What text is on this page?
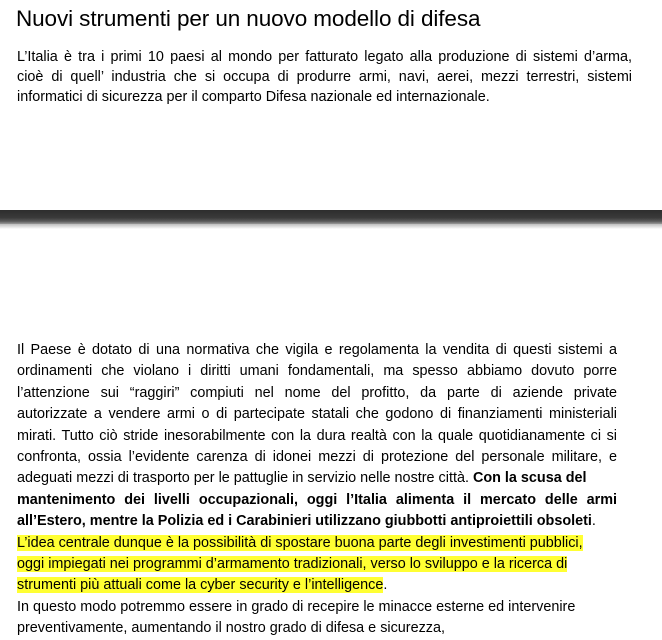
Nuovi strumenti per un nuovo modello di difesa

L’Italia è tra i primi 10 paesi al mondo per fatturato legato alla produzione di sistemi d’arma,
cioè di quell’ industria che si occupa di produrre armi, navi, aerei, mezzi terrestri, sistemi
informatici di sicurezza per il comparto Difesa nazionale ed internazionale.

Il Paese è dotato di una normativa che vigila e regolamenta la vendita di questi sistemi a
ordinamenti che violano i diritti umani fondamentali, ma spesso abbiamo dovuto porre
l’attenzione sui “raggiri” compiuti nel nome del profitto, da parte di aziende private
autorizzate a vendere armi o di partecipate statali che godono di finanziamenti ministeriali
mirati. Tutto ciò stride inesorabilmente con la dura realtà con la quale quotidianamente ci si
confronta, ossia l’evidente carenza di idonei mezzi di protezione del personale militare, e
adeguati mezzi di trasporto per le pattuglie in servizio nelle nostre città. Con la scusa del
mantenimento dei livelli occupazionali, oggi l’Italia alimenta il mercato delle armi
all’Estero, mentre la Polizia ed i Carabinieri utilizzano giubbotti antiproiettili obsoleti.
L’idea centrale dunque è la possibilità di spostare buona parte degli investimenti pubblici,
oggi impiegati nei programmi d’armamento tradizionali, verso lo sviluppo e la ricerca di
strumenti più attuali come la cyber security e l’intelligence.
In questo modo potremmo essere in grado di recepire le minacce esterne ed intervenire
preventivamente, aumentando il nostro grado di difesa e sicurezza,
